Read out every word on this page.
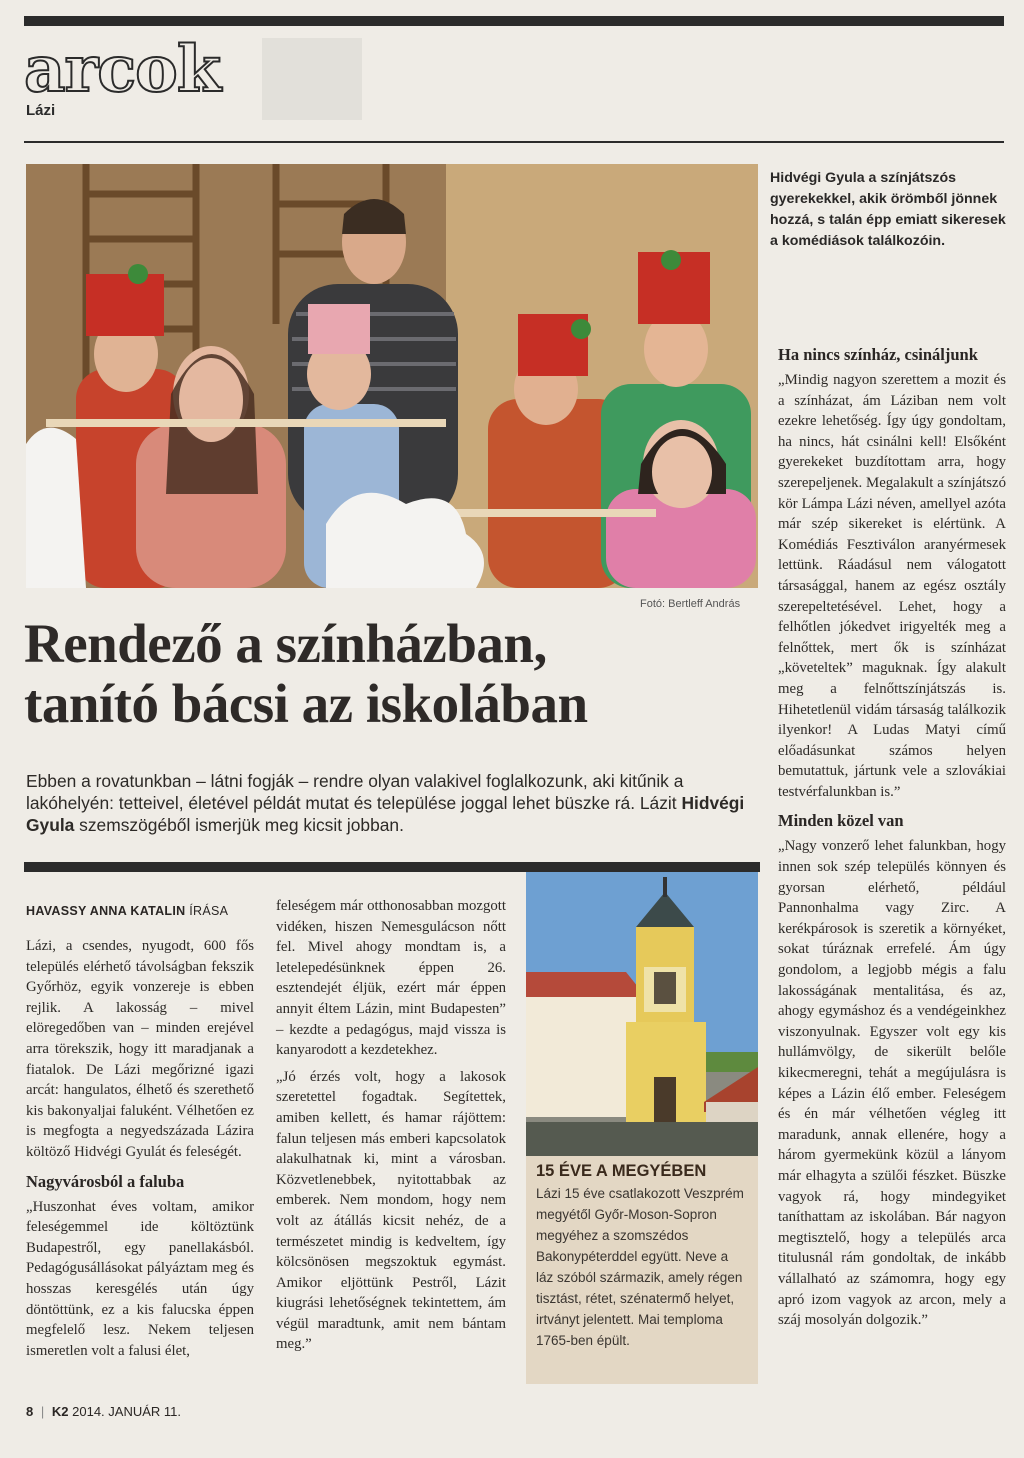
arcok
Lázi
Fotó: Bertleff András
Hidvégi Gyula a színjátszós gyerekekkel, akik örömből jönnek hozzá, s talán épp emiatt sikeresek a komédiások találkozóin.
Rendező a színházban,
tanító bácsi az iskolában
Ebben a rovatunkban – látni fogják – rendre olyan valakivel foglalkozunk, aki kitűnik a lakóhelyén: tetteivel, életével példát mutat és települése joggal lehet büszke rá. Lázit Hidvégi Gyula szemszögéből ismerjük meg kicsit jobban.
HAVASSY ANNA KATALIN ÍRÁSA

Lázi, a csendes, nyugodt, 600 fős település elérhető távolságban fekszik Győrhöz, egyik vonzereje is ebben rejlik. A lakosság – mivel elöregedőben van – minden erejével arra törekszik, hogy itt maradjanak a fiatalok. De Lázi megőrizné igazi arcát: hangulatos, élhető és szerethető kis bakonyaljai faluként. Vélhetően ez is megfogta a negyedszázada Lázira költöző Hidvégi Gyulát és feleségét.

Nagyvárosból a faluba

„Huszonhat éves voltam, amikor feleségemmel ide költöztünk Budapestről, egy panellakásból. Pedagógusállásokat pályáztam meg és hosszas keresgélés után úgy döntöttünk, ez a kis falucska éppen megfelelő lesz. Nekem teljesen ismeretlen volt a falusi élet,

feleségem már otthonosabban mozgott vidéken, hiszen Nemesgulácson nőtt fel. Mivel ahogy mondtam is, a letelepedésünknek éppen 26. esztendejét éljük, ezért már éppen annyit éltem Lázin, mint Budapesten” – kezdte a pedagógus, majd vissza is kanyarodott a kezdetekhez.

„Jó érzés volt, hogy a lakosok szeretettel fogadtak. Segítettek, amiben kellett, és hamar rájöttem: falun teljesen más emberi kapcsolatok alakulhatnak ki, mint a városban. Közvetlenebbek, nyitottabbak az emberek. Nem mondom, hogy nem volt az átállás kicsit nehéz, de a természetet mindig is kedveltem, így kölcsönösen megszoktuk egymást. Amikor eljöttünk Pestről, Lázit kiugrási lehetőségnek tekintettem, ám végül maradtunk, amit nem bántam meg.”

15 ÉVE A MEGYÉBEN
Lázi 15 éve csatlakozott Veszprém megyétől Győr-Moson-Sopron megyéhez a szomszédos Bakonypéterddel együtt. Neve a láz szóból származik, amely régen tisztást, rétet, szénatermő helyet, irtványt jelentett. Mai temploma 1765-ben épült.
Ha nincs színház, csináljunk

„Mindig nagyon szerettem a mozit és a színházat, ám Láziban nem volt ezekre lehetőség. Így úgy gondoltam, ha nincs, hát csinálni kell! Elsőként gyerekeket buzdítottam arra, hogy szerepeljenek. Megalakult a színjátszó kör Lámpa Lázi néven, amellyel azóta már szép sikereket is elértünk. A Komédiás Fesztiválon aranyérmesek lettünk. Ráadásul nem válogatott társasággal, hanem az egész osztály szerepeltetésével. Lehet, hogy a felhőtlen jókedvet irigyelték meg a felnőttek, mert ők is színházat „követeltek” maguknak. Így alakult meg a felnőttszínjátszás is. Hihetetlenül vidám társaság találkozik ilyenkor! A Ludas Matyi című előadásunkat számos helyen bemutattuk, jártunk vele a szlovákiai testvérfalunkban is.”

Minden közel van

„Nagy vonzerő lehet falunkban, hogy innen sok szép település könnyen és gyorsan elérhető, például Pannonhalma vagy Zirc. A kerékpárosok is szeretik a környéket, sokat túráznak errefelé. Ám úgy gondolom, a legjobb mégis a falu lakosságának mentalitása, és az, ahogy egymáshoz és a vendégeinkhez viszonyulnak. Egyszer volt egy kis hullámvölgy, de sikerült belőle kikecmeregni, tehát a megújulásra is képes a Lázin élő ember. Feleségem és én már vélhetően végleg itt maradunk, annak ellenére, hogy a három gyermekünk közül a lányom már elhagyta a szülői fészket. Büszke vagyok rá, hogy mindegyiket taníthattam az iskolában. Bár nagyon megtisztelő, hogy a település arca titulusnál rám gondoltak, de inkább vállalható az számomra, hogy egy apró izom vagyok az arcon, mely a száj mosolyán dolgozik.”

8 | K2 2014. JANUÁR 11.
